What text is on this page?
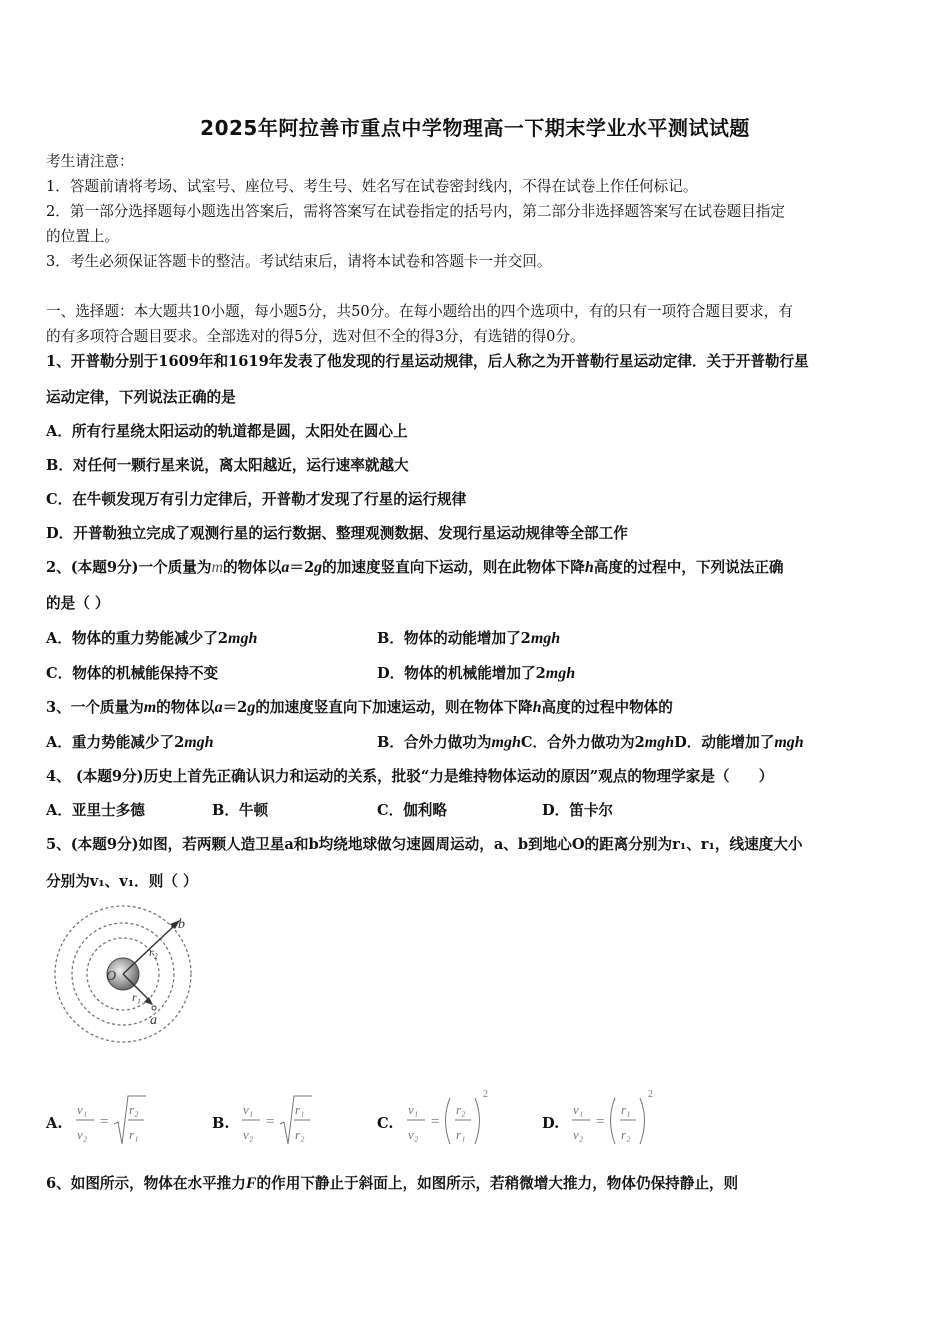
2025年阿拉善市重点中学物理高一下期末学业水平测试试题
考生请注意：
1．答题前请将考场、试室号、座位号、考生号、姓名写在试卷密封线内，不得在试卷上作任何标记。
2．第一部分选择题每小题选出答案后，需将答案写在试卷指定的括号内，第二部分非选择题答案写在试卷题目指定
的位置上。
3．考生必须保证答题卡的整洁。考试结束后，请将本试卷和答题卡一并交回。
一、选择题：本大题共10小题，每小题5分，共50分。在每小题给出的四个选项中，有的只有一项符合题目要求，有
的有多项符合题目要求。全部选对的得5分，选对但不全的得3分，有选错的得0分。
1、开普勒分别于1609年和1619年发表了他发现的行星运动规律，后人称之为开普勒行星运动定律．关于开普勒行星
运动定律，下列说法正确的是
A．所有行星绕太阳运动的轨道都是圆，太阳处在圆心上
B．对任何一颗行星来说，离太阳越近，运行速率就越大
C．在牛顿发现万有引力定律后，开普勒才发现了行星的运行规律
D．开普勒独立完成了观测行星的运行数据、整理观测数据、发现行星运动规律等全部工作
2、(本题9分)一个质量为m的物体以a＝2g的加速度竖直向下运动，则在此物体下降h高度的过程中，下列说法正确
的是（ ）
A．物体的重力势能减少了2mgh	B．物体的动能增加了2mgh
C．物体的机械能保持不变	D．物体的机械能增加了2mgh
3、一个质量为m的物体以a＝2g的加速度竖直向下加速运动，则在物体下降h高度的过程中物体的
A．重力势能减少了2mgh	B．合外力做功为mghC．合外力做功为2mghD．动能增加了mgh
4、 (本题9分)历史上首先正确认识力和运动的关系，批驳“力是维持物体运动的原因”观点的物理学家是（　　）
A．亚里士多德	B．牛顿	C．伽利略	D．笛卡尔
5、(本题9分)如图，若两颗人造卫星a和b均绕地球做匀速圆周运动，a、b到地心O的距离分别为r₁、r₁，线速度大小
分别为v₁、v₁．则（ ）
O
b
a
r₂
r₁
A.
v₁
v₂
=
r₂
r₁
B.
v₁
v₂
=
r₁
r₂
C.
v₁
v₂
=
r₂
r₁
2
D.
v₁
v₂
=
r₁
r₂
2
6、如图所示，物体在水平推力F的作用下静止于斜面上，如图所示，若稍微增大推力，物体仍保持静止，则
